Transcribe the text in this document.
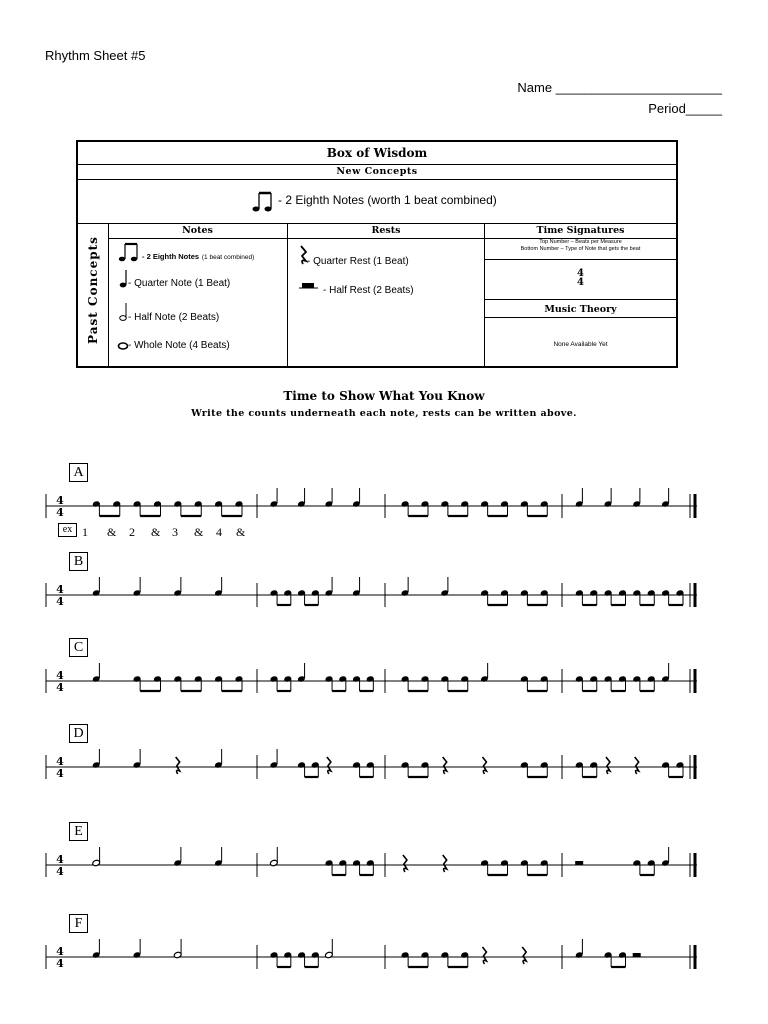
Rhythm Sheet #5
Name _______________________
Period_____
Box of Wisdom
New Concepts
- 2 Eighth Notes (worth 1 beat combined)
Past Concepts
Notes
- 2 Eighth Notes (1 beat combined)
- Quarter Note (1 Beat)
- Half Note (2 Beats)
- Whole Note (4 Beats)
Rests
- Quarter Rest (1 Beat)
- Half Rest (2 Beats)
Time Signatures
Top Number – Beats per Measure
Bottom Number – Type of Note that gets the beat
4
4
Music Theory
None Available Yet
Time to Show What You Know
Write the counts underneath each note, rests can be written above.
4
4
4
4
4
4
4
4
4
4
4
4
A
B
C
D
E
F
ex 1 & 2 & 3 & 4 &
